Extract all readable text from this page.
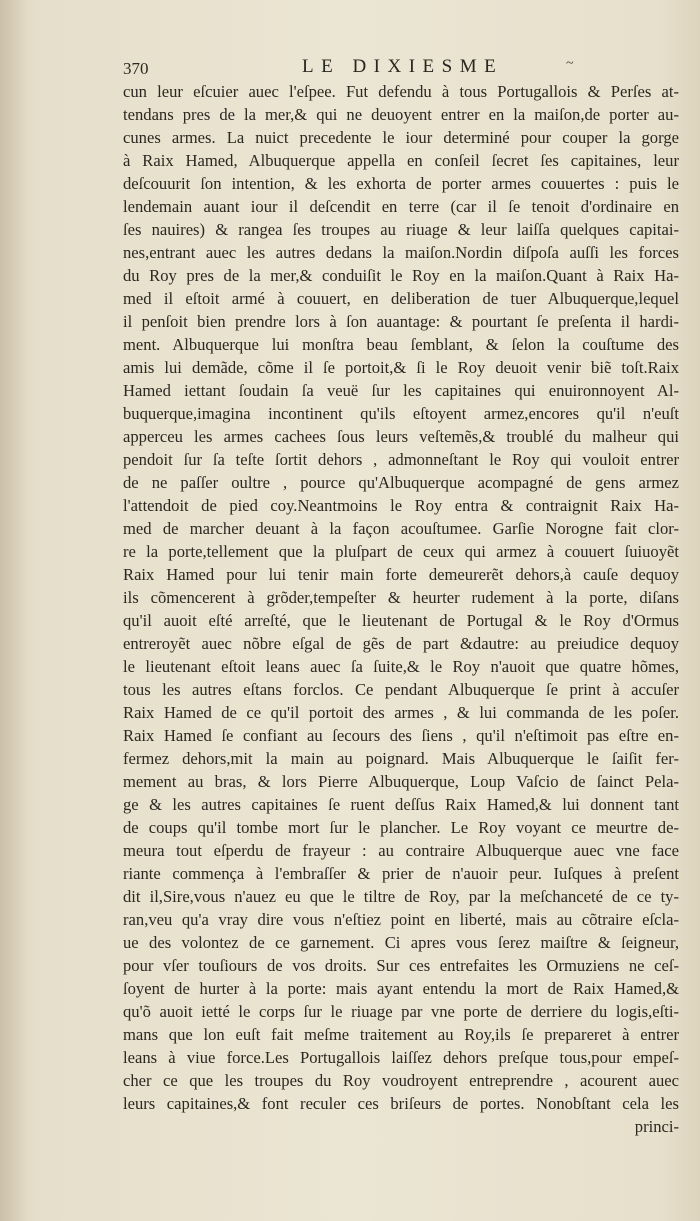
370	LE DIXIESME	~
cun leur eſcuier auec l'eſpee. Fut defendu à tous Portugallois & Perſes at-
tendans pres de la mer,& qui ne deuoyent entrer en la maiſon,de porter au-
cunes armes. La nuict precedente le iour determiné pour couper la gorge
à Raix Hamed, Albuquerque appella en conſeil ſecret ſes capitaines, leur
deſcouurit ſon intention, & les exhorta de porter armes couuertes : puis le
lendemain auant iour il deſcendit en terre (car il ſe tenoit d'ordinaire en
ſes nauires) & rangea ſes troupes au riuage & leur laiſſa quelques capitai-
nes,entrant auec les autres dedans la maiſon.Nordin diſpoſa auſſi les forces
du Roy pres de la mer,& conduiſit le Roy en la maiſon.Quant à Raix Ha-
med il eſtoit armé à couuert, en deliberation de tuer Albuquerque,lequel
il penſoit bien prendre lors à ſon auantage: & pourtant ſe preſenta il hardi-
ment. Albuquerque lui monſtra beau ſemblant, & ſelon la couſtume des
amis lui demãde, cõme il ſe portoit,& ſi le Roy deuoit venir biẽ toſt.Raix
Hamed iettant ſoudain ſa veuë ſur les capitaines qui enuironnoyent Al-
buquerque,imagina incontinent qu'ils eſtoyent armez,encores qu'il n'euſt
apperceu les armes cachees ſous leurs veſtemẽs,& troublé du malheur qui
pendoit ſur ſa teſte ſortit dehors , admonneſtant le Roy qui vouloit entrer
de ne paſſer oultre , pource qu'Albuquerque acompagné de gens armez
l'attendoit de pied coy.Neantmoins le Roy entra & contraignit Raix Ha-
med de marcher deuant à la façon acouſtumee. Garſie Norogne fait clor-
re la porte,tellement que la pluſpart de ceux qui armez à couuert ſuiuoyẽt
Raix Hamed pour lui tenir main forte demeurerẽt dehors,à cauſe dequoy
ils cõmencerent à grõder,tempeſter & heurter rudement à la porte, diſans
qu'il auoit eſté arreſté, que le lieutenant de Portugal & le Roy d'Ormus
entreroyẽt auec nõbre eſgal de gẽs de part &dautre: au preiudice dequoy
le lieutenant eſtoit leans auec ſa ſuite,& le Roy n'auoit que quatre hõmes,
tous les autres eſtans forclos. Ce pendant Albuquerque ſe print à accuſer
Raix Hamed de ce qu'il portoit des armes , & lui commanda de les poſer.
Raix Hamed ſe confiant au ſecours des ſiens , qu'il n'eſtimoit pas eſtre en-
fermez dehors,mit la main au poignard. Mais Albuquerque le ſaiſit fer-
mement au bras, & lors Pierre Albuquerque, Loup Vaſcio de ſainct Pela-
ge & les autres capitaines ſe ruent deſſus Raix Hamed,& lui donnent tant
de coups qu'il tombe mort ſur le plancher. Le Roy voyant ce meurtre de-
meura tout eſperdu de frayeur : au contraire Albuquerque auec vne face
riante commença à l'embraſſer & prier de n'auoir peur. Iuſques à preſent
dit il,Sire,vous n'auez eu que le tiltre de Roy, par la meſchanceté de ce ty-
ran,veu qu'a vray dire vous n'eſtiez point en liberté, mais au cõtraire eſcla-
ue des volontez de ce garnement. Ci apres vous ſerez maiſtre & ſeigneur,
pour vſer touſiours de vos droits. Sur ces entrefaites les Ormuziens ne ceſ-
ſoyent de hurter à la porte: mais ayant entendu la mort de Raix Hamed,&
qu'õ auoit ietté le corps ſur le riuage par vne porte de derriere du logis,eſti-
mans que lon euſt fait meſme traitement au Roy,ils ſe prepareret à entrer
leans à viue force.Les Portugallois laiſſez dehors preſque tous,pour empeſ-
cher ce que les troupes du Roy voudroyent entreprendre , acourent auec
leurs capitaines,& font reculer ces briſeurs de portes. Nonobſtant cela les
princi-
